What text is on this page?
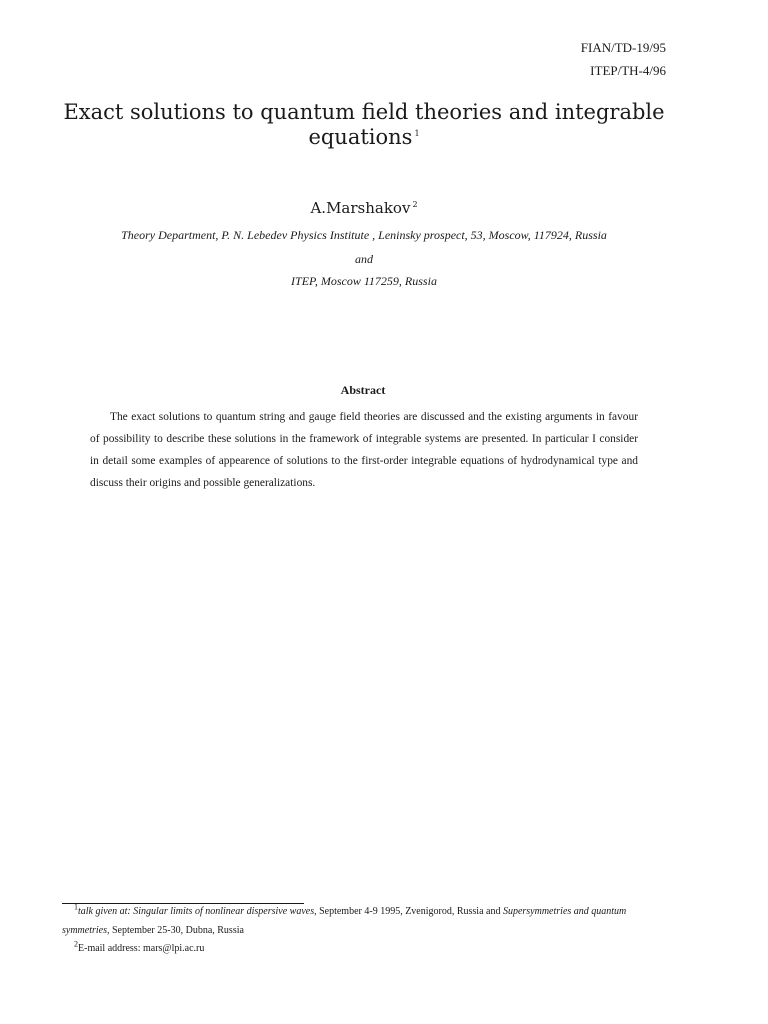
FIAN/TD-19/95
ITEP/TH-4/96
Exact solutions to quantum field theories and integrable equations $^1$
A.Marshakov $^2$
Theory Department, P. N. Lebedev Physics Institute , Leninsky prospect, 53, Moscow, 117924, Russia
and
ITEP, Moscow 117259, Russia
Abstract

The exact solutions to quantum string and gauge field theories are discussed and the existing arguments in favour of possibility to describe these solutions in the framework of integrable systems are presented. In particular I consider in detail some examples of appearence of solutions to the first-order integrable equations of hydrodynamical type and discuss their origins and possible generalizations.

$^1$talk given at: Singular limits of nonlinear dispersive waves, September 4-9 1995, Zvenigorod, Russia and Supersymmetries and quantum symmetries, September 25-30, Dubna, Russia

$^2$E-mail address: mars@lpi.ac.ru
